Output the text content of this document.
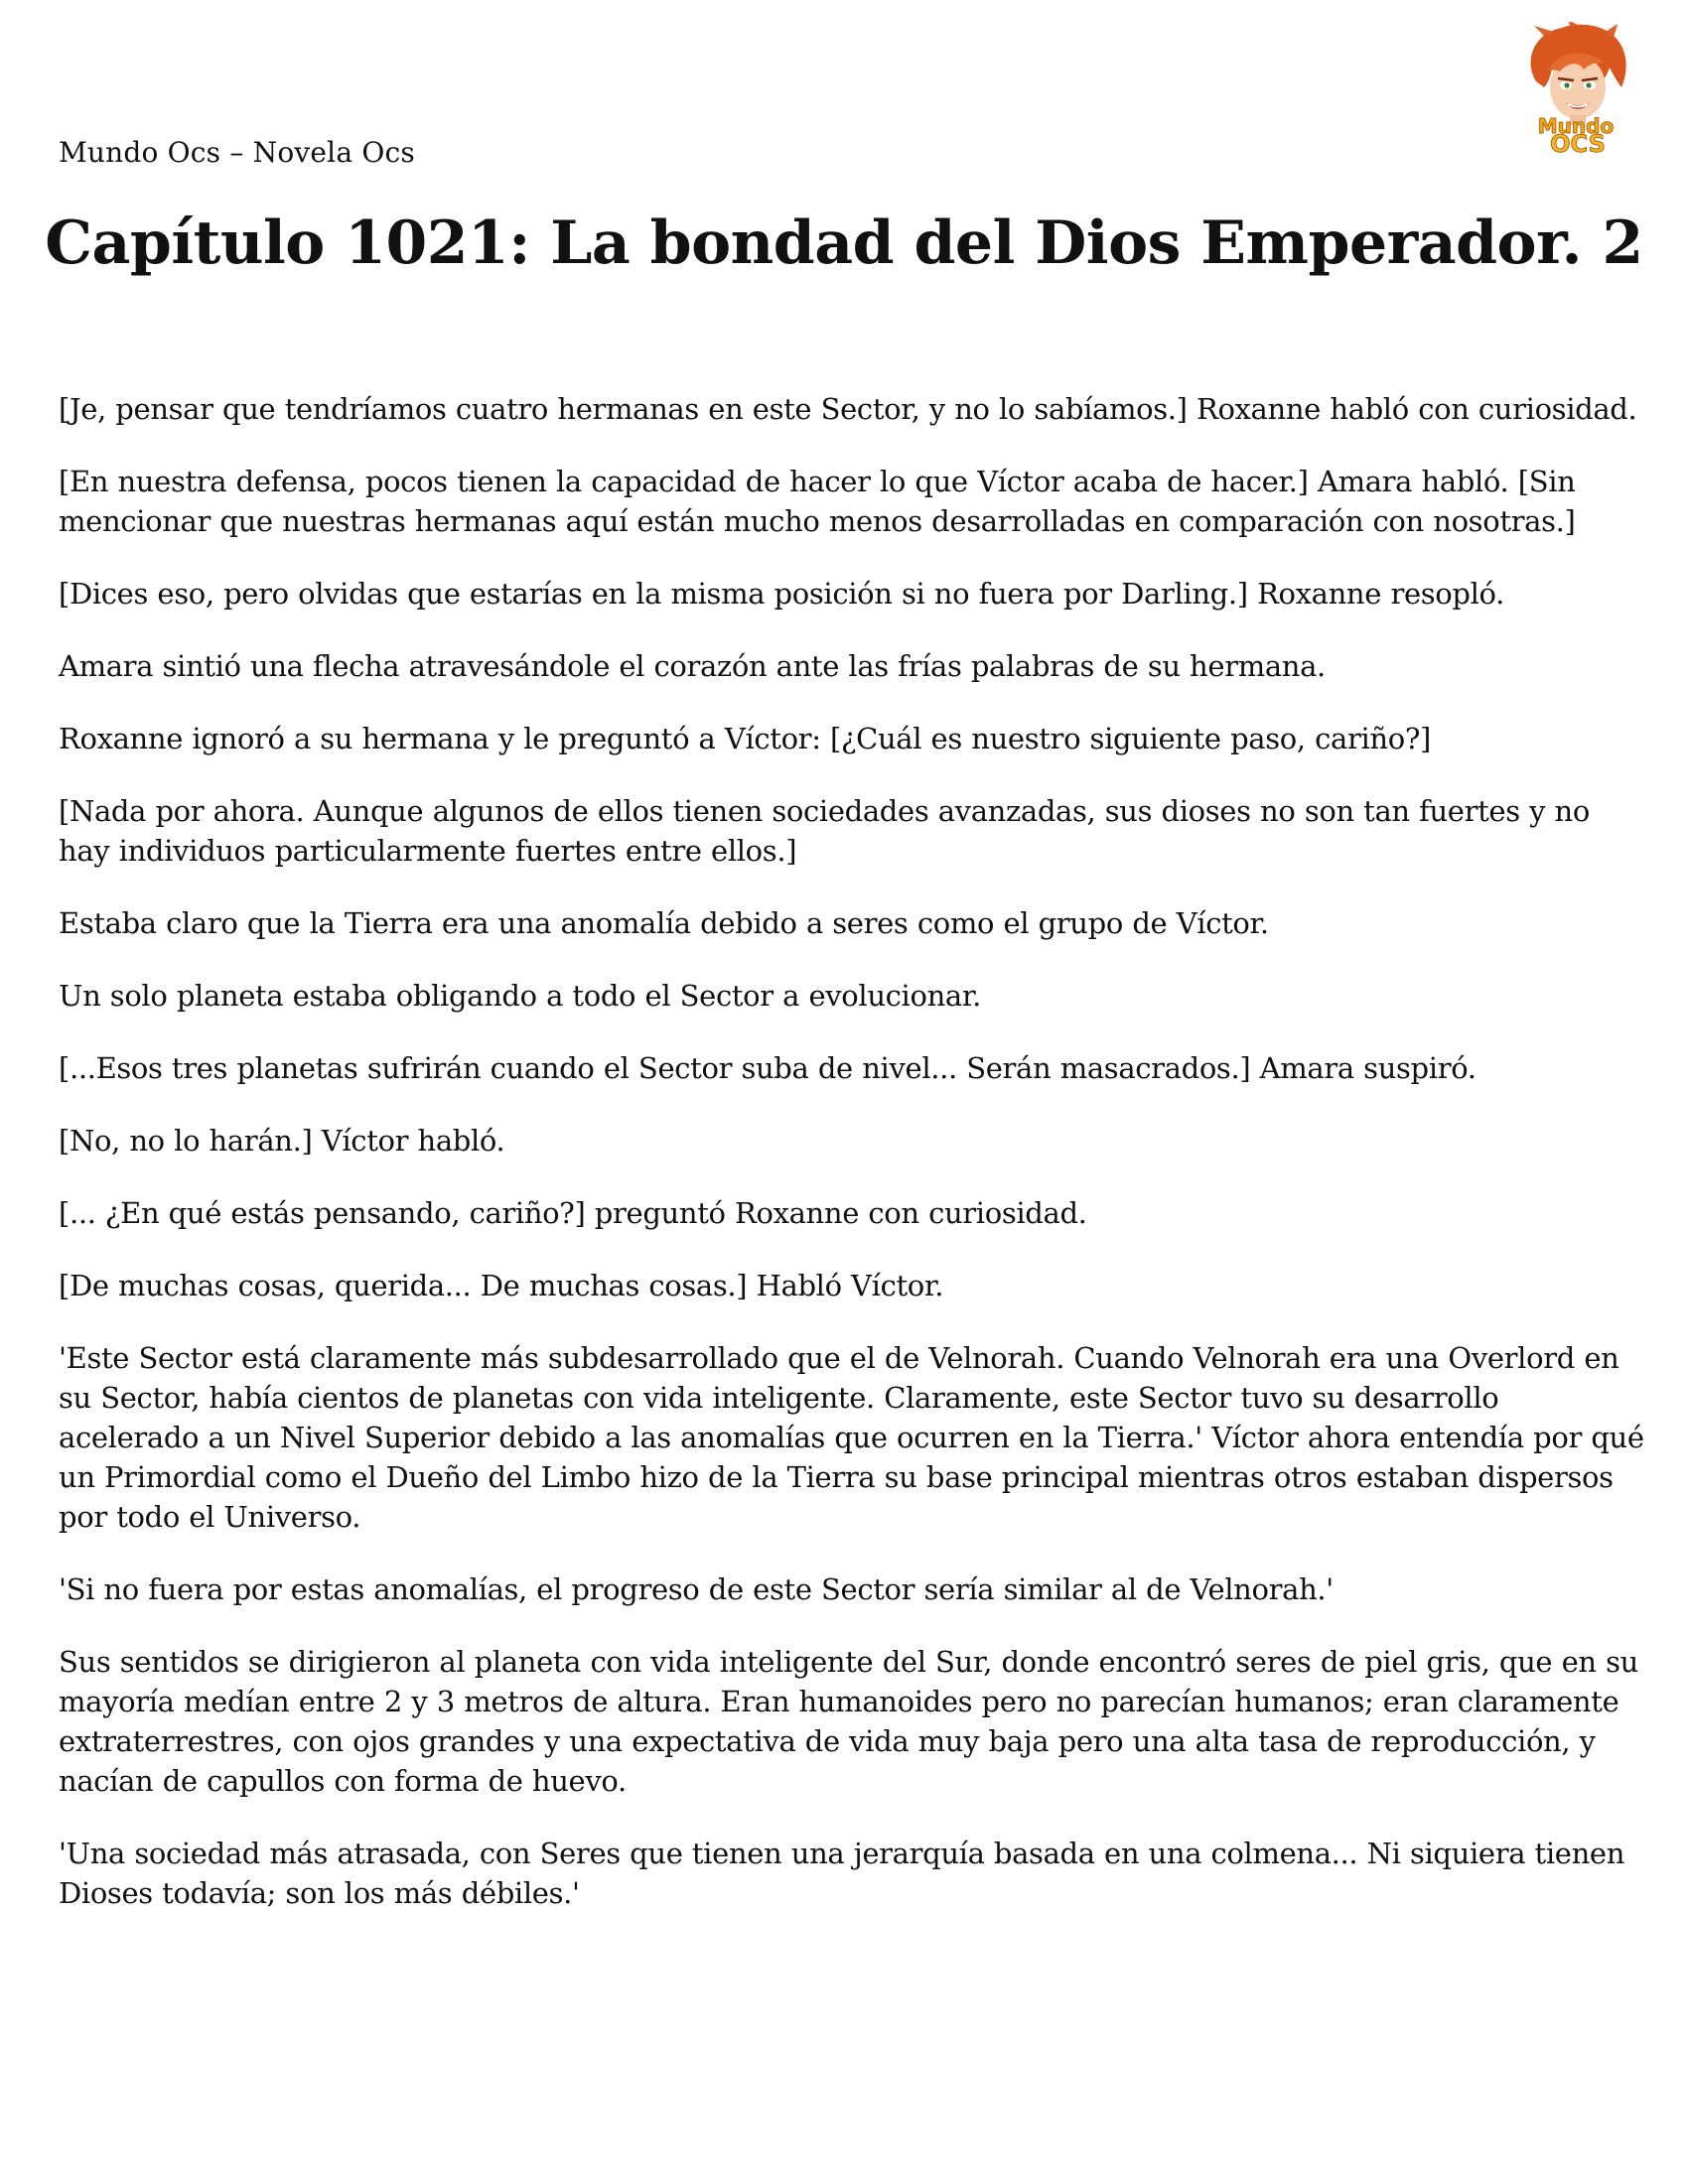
Mundo Ocs – Novela Ocs
Mundo
OCS
Capítulo 1021: La bondad del Dios Emperador. 2

[Je, pensar que tendríamos cuatro hermanas en este Sector, y no lo sabíamos.] Roxanne habló con curiosidad.

[En nuestra defensa, pocos tienen la capacidad de hacer lo que Víctor acaba de hacer.] Amara habló. [Sin mencionar que nuestras hermanas aquí están mucho menos desarrolladas en comparación con nosotras.]

[Dices eso, pero olvidas que estarías en la misma posición si no fuera por Darling.] Roxanne resopló.

Amara sintió una flecha atravesándole el corazón ante las frías palabras de su hermana.

Roxanne ignoró a su hermana y le preguntó a Víctor: [¿Cuál es nuestro siguiente paso, cariño?]

[Nada por ahora. Aunque algunos de ellos tienen sociedades avanzadas, sus dioses no son tan fuertes y no hay individuos particularmente fuertes entre ellos.]

Estaba claro que la Tierra era una anomalía debido a seres como el grupo de Víctor.

Un solo planeta estaba obligando a todo el Sector a evolucionar.

[...Esos tres planetas sufrirán cuando el Sector suba de nivel... Serán masacrados.] Amara suspiró.

[No, no lo harán.] Víctor habló.

[... ¿En qué estás pensando, cariño?] preguntó Roxanne con curiosidad.

[De muchas cosas, querida... De muchas cosas.] Habló Víctor.

'Este Sector está claramente más subdesarrollado que el de Velnorah. Cuando Velnorah era una Overlord en su Sector, había cientos de planetas con vida inteligente. Claramente, este Sector tuvo su desarrollo acelerado a un Nivel Superior debido a las anomalías que ocurren en la Tierra.' Víctor ahora entendía por qué un Primordial como el Dueño del Limbo hizo de la Tierra su base principal mientras otros estaban dispersos por todo el Universo.

'Si no fuera por estas anomalías, el progreso de este Sector sería similar al de Velnorah.'

Sus sentidos se dirigieron al planeta con vida inteligente del Sur, donde encontró seres de piel gris, que en su mayoría medían entre 2 y 3 metros de altura. Eran humanoides pero no parecían humanos; eran claramente extraterrestres, con ojos grandes y una expectativa de vida muy baja pero una alta tasa de reproducción, y nacían de capullos con forma de huevo.

'Una sociedad más atrasada, con Seres que tienen una jerarquía basada en una colmena... Ni siquiera tienen Dioses todavía; son los más débiles.'
